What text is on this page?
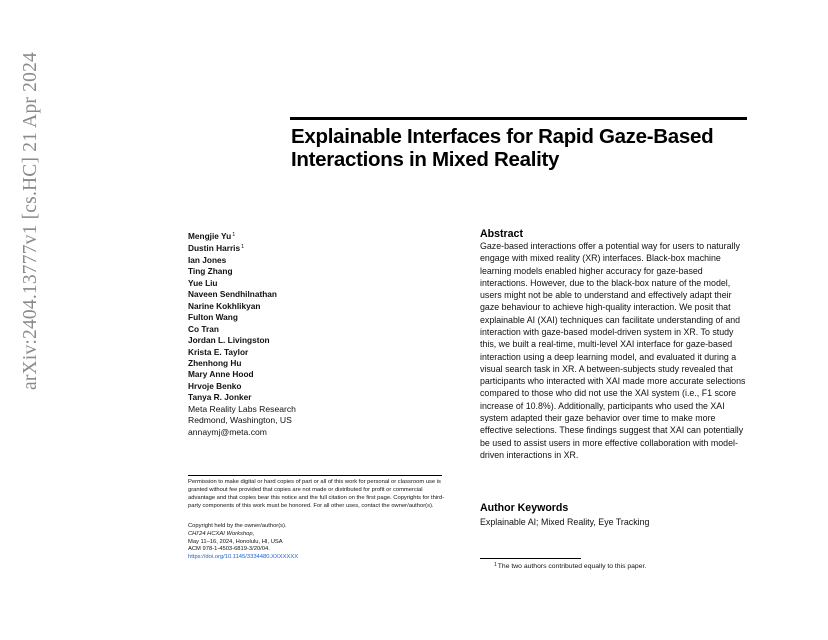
arXiv:2404.13777v1 [cs.HC] 21 Apr 2024	Explainable Interfaces for Rapid Gaze-Based
Interactions in Mixed Reality
Mengjie Yu$^1$
Dustin Harris$^1$
Ian Jones
Ting Zhang
Yue Liu
Naveen Sendhilnathan
Narine Kokhlikyan
Fulton Wang
Co Tran
Jordan L. Livingston
Krista E. Taylor
Zhenhong Hu
Mary Anne Hood
Hrvoje Benko
Tanya R. Jonker
Meta Reality Labs Research
Redmond, Washington, US
annaymj@meta.com

Permission to make digital or hard copies of part or all of this work for personal or classroom use is granted without fee provided that copies are not made or distributed for profit or commercial advantage and that copies bear this notice and the full citation on the first page. Copyrights for third-party components of this work must be honored. For all other uses, contact the owner/author(s).

Copyright held by the owner/author(s).
CHI'24 HCXAI Workshop,
May 11–16, 2024, Honolulu, HI, USA
ACM 978-1-4503-6819-3/20/04.
https://doi.org/10.1145/3334480.XXXXXXX
Abstract

Gaze-based interactions offer a potential way for users to naturally engage with mixed reality (XR) interfaces. Black-box machine learning models enabled higher accuracy for gaze-based interactions. However, due to the black-box nature of the model, users might not be able to understand and effectively adapt their gaze behaviour to achieve high-quality interaction. We posit that explainable AI (XAI) techniques can facilitate understanding of and interaction with gaze-based model-driven system in XR. To study this, we built a real-time, multi-level XAI interface for gaze-based interaction using a deep learning model, and evaluated it during a visual search task in XR. A between-subjects study revealed that participants who interacted with XAI made more accurate selections compared to those who did not use the XAI system (i.e., F1 score increase of 10.8%). Additionally, participants who used the XAI system adapted their gaze behavior over time to make more effective selections. These findings suggest that XAI can potentially be used to assist users in more effective collaboration with model-driven interactions in XR.

Author Keywords

Explainable AI; Mixed Reality, Eye Tracking

$^1$The two authors contributed equally to this paper.
